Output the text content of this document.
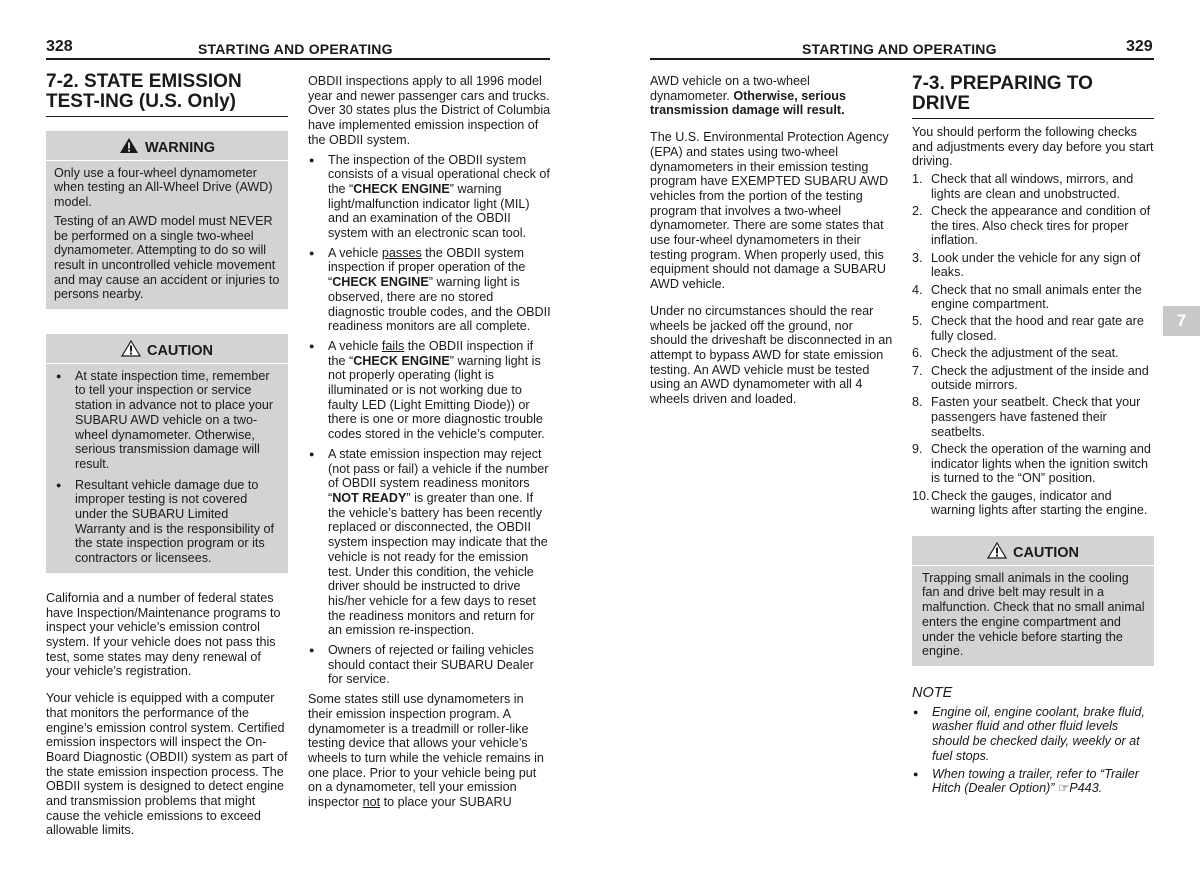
328	STARTING AND OPERATING	STARTING AND OPERATING	329
7-2. STATE EMISSION TEST-ING (U.S. Only)
WARNING

Only use a four-wheel dynamometer when testing an All-Wheel Drive (AWD) model.

Testing of an AWD model must NEVER be performed on a single two-wheel dynamometer. Attempting to do so will result in uncontrolled vehicle movement and may cause an accident or injuries to persons nearby.

CAUTION
● At state inspection time, remember to tell your inspection or service station in advance not to place your SUBARU AWD vehicle on a two-wheel dynamometer. Otherwise, serious transmission damage will result.
● Resultant vehicle damage due to improper testing is not covered under the SUBARU Limited Warranty and is the responsibility of the state inspection program or its contractors or licensees.

California and a number of federal states have Inspection/Maintenance programs to inspect your vehicle’s emission control system. If your vehicle does not pass this test, some states may deny renewal of your vehicle’s registration.

Your vehicle is equipped with a computer that monitors the performance of the engine’s emission control system. Certified emission inspectors will inspect the On-Board Diagnostic (OBDII) system as part of the state emission inspection process. The OBDII system is designed to detect engine and transmission problems that might cause the vehicle emissions to exceed allowable limits.

OBDII inspections apply to all 1996 model year and newer passenger cars and trucks. Over 30 states plus the District of Columbia have implemented emission inspection of the OBDII system.

● The inspection of the OBDII system consists of a visual operational check of the “CHECK ENGINE” warning light/malfunction indicator light (MIL) and an examination of the OBDII system with an electronic scan tool.
● A vehicle passes the OBDII system inspection if proper operation of the “CHECK ENGINE” warning light is observed, there are no stored diagnostic trouble codes, and the OBDII readiness monitors are all complete.
● A vehicle fails the OBDII inspection if the “CHECK ENGINE” warning light is not properly operating (light is illuminated or is not working due to faulty LED (Light Emitting Diode)) or there is one or more diagnostic trouble codes stored in the vehicle’s computer.
● A state emission inspection may reject (not pass or fail) a vehicle if the number of OBDII system readiness monitors “NOT READY” is greater than one. If the vehicle’s battery has been recently replaced or disconnected, the OBDII system inspection may indicate that the vehicle is not ready for the emission test. Under this condition, the vehicle driver should be instructed to drive his/her vehicle for a few days to reset the readiness monitors and return for an emission re-inspection.
● Owners of rejected or failing vehicles should contact their SUBARU Dealer for service.

Some states still use dynamometers in their emission inspection program. A dynamometer is a treadmill or roller-like testing device that allows your vehicle’s wheels to turn while the vehicle remains in one place. Prior to your vehicle being put on a dynamometer, tell your emission inspector not to place your SUBARU

AWD vehicle on a two-wheel dynamometer. Otherwise, serious transmission damage will result.

The U.S. Environmental Protection Agency (EPA) and states using two-wheel dynamometers in their emission testing program have EXEMPTED SUBARU AWD vehicles from the portion of the testing program that involves a two-wheel dynamometer. There are some states that use four-wheel dynamometers in their testing program. When properly used, this equipment should not damage a SUBARU AWD vehicle.

Under no circumstances should the rear wheels be jacked off the ground, nor should the driveshaft be disconnected in an attempt to bypass AWD for state emission testing. An AWD vehicle must be tested using an AWD dynamometer with all 4 wheels driven and loaded.

7-3. PREPARING TO DRIVE

You should perform the following checks and adjustments every day before you start driving.

1. Check that all windows, mirrors, and lights are clean and unobstructed.
2. Check the appearance and condition of the tires. Also check tires for proper inflation.
3. Look under the vehicle for any sign of leaks.
4. Check that no small animals enter the engine compartment.
5. Check that the hood and rear gate are fully closed.
6. Check the adjustment of the seat.
7. Check the adjustment of the inside and outside mirrors.
8. Fasten your seatbelt. Check that your passengers have fastened their seatbelts.
9. Check the operation of the warning and indicator lights when the ignition switch is turned to the “ON” position.
10. Check the gauges, indicator and warning lights after starting the engine.
CAUTION

Trapping small animals in the cooling fan and drive belt may result in a malfunction. Check that no small animal enters the engine compartment and under the vehicle before starting the engine.

NOTE
● Engine oil, engine coolant, brake fluid, washer fluid and other fluid levels should be checked daily, weekly or at fuel stops.
● When towing a trailer, refer to “Trailer Hitch (Dealer Option)” ☞P443.
7
